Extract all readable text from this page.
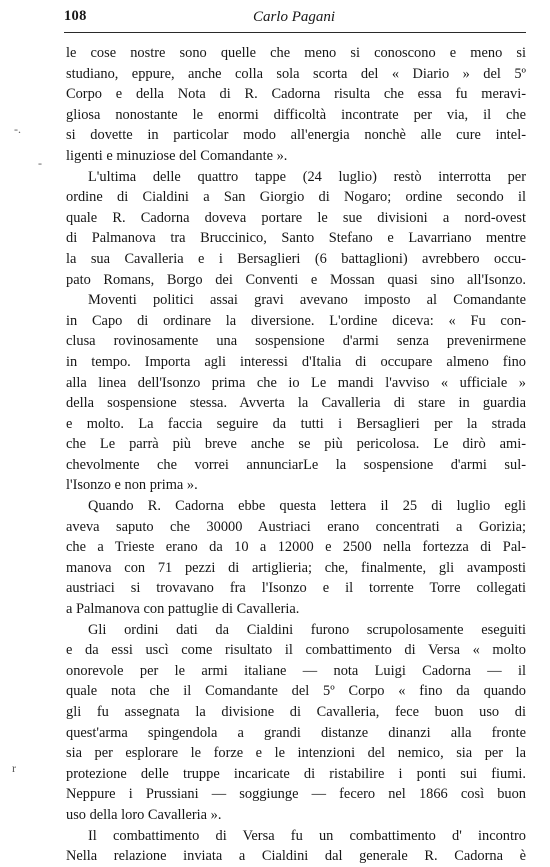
108	Carlo Pagani
-.
-
r
le cose nostre sono quelle che meno si conoscono e meno si
studiano, eppure, anche colla sola scorta del « Diario » del 5º
Corpo e della Nota di R. Cadorna risulta che essa fu meravi-
gliosa nonostante le enormi difficoltà incontrate per via, il che
si dovette in particolar modo all'energia nonchè alle cure intel-
ligenti e minuziose del Comandante ».
L'ultima delle quattro tappe (24 luglio) restò interrotta per
ordine di Cialdini a San Giorgio di Nogaro; ordine secondo il
quale R. Cadorna doveva portare le sue divisioni a nord-ovest
di Palmanova tra Bruccinico, Santo Stefano e Lavarriano mentre
la sua Cavalleria e i Bersaglieri (6 battaglioni) avrebbero occu-
pato Romans, Borgo dei Conventi e Mossan quasi sino all'Isonzo.
Moventi politici assai gravi avevano imposto al Comandante
in Capo di ordinare la diversione. L'ordine diceva: « Fu con-
clusa rovinosamente una sospensione d'armi senza prevenirmene
in tempo. Importa agli interessi d'Italia di occupare almeno fino
alla linea dell'Isonzo prima che io Le mandi l'avviso « ufficiale »
della sospensione stessa. Avverta la Cavalleria di stare in guardia
e molto. La faccia seguire da tutti i Bersaglieri per la strada
che Le parrà più breve anche se più pericolosa. Le dirò ami-
chevolmente che vorrei annunciarLe la sospensione d'armi sul-
l'Isonzo e non prima ».
Quando R. Cadorna ebbe questa lettera il 25 di luglio egli
aveva saputo che 30000 Austriaci erano concentrati a Gorizia;
che a Trieste erano da 10 a 12000 e 2500 nella fortezza di Pal-
manova con 71 pezzi di artiglieria; che, finalmente, gli avamposti
austriaci si trovavano fra l'Isonzo e il torrente Torre collegati
a Palmanova con pattuglie di Cavalleria.
Gli ordini dati da Cialdini furono scrupolosamente eseguiti
e da essi uscì come risultato il combattimento di Versa « molto
onorevole per le armi italiane — nota Luigi Cadorna — il
quale nota che il Comandante del 5º Corpo « fino da quando
gli fu assegnata la divisione di Cavalleria, fece buon uso di
quest'arma spingendola a grandi distanze dinanzi alla fronte
sia per esplorare le forze e le intenzioni del nemico, sia per la
protezione delle truppe incaricate di ristabilire i ponti sui fiumi.
Neppure i Prussiani — soggiunge — fecero nel 1866 così buon
uso della loro Cavalleria ».
Il combattimento di Versa fu un combattimento d' incontro
Nella relazione inviata a Cialdini dal generale R. Cadorna è
